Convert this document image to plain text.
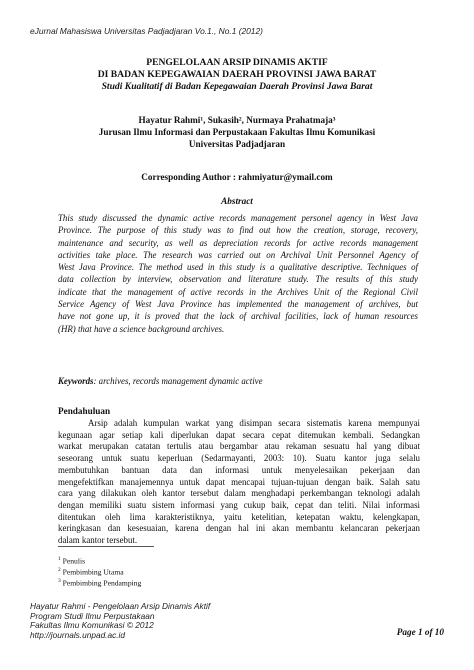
eJurnal Mahasiswa Universitas Padjadjaran Vo.1., No.1 (2012)
PENGELOLAAN ARSIP DINAMIS AKTIF
DI BADAN KEPEGAWAIAN DAERAH PROVINSI JAWA BARAT
Studi Kualitatif di Badan Kepegawaian Daerah Provinsi Jawa Barat
Hayatur Rahmi¹, Sukasih², Nurmaya Prahatmaja³
Jurusan Ilmu Informasi dan Perpustakaan Fakultas Ilmu Komunikasi
Universitas Padjadjaran
Corresponding Author : rahmiyatur@ymail.com
Abstract
This study discussed the dynamic active records management personel agency in West Java
Province. The purpose of this study was to find out how the creation, storage, recovery,
maintenance and security, as well as depreciation records for active records management
activities take place. The research was carried out on Archival Unit Personnel Agency of
West Java Province. The method used in this study is a qualitative descriptive. Techniques of
data collection by interview, observation and literature study. The results of this study
indicate that the management of active records in the Archives Unit of the Regional Civil
Service Agency of West Java Province has implemented the management of archives, but
have not gone up, it is proved that the lack of archival facilities, lack of human resources
(HR) that have a science background archives.
Keywords: archives, records management dynamic active
Pendahuluan
Arsip adalah kumpulan warkat yang disimpan secara sistematis karena mempunyai
kegunaan agar setiap kali diperlukan dapat secara cepat ditemukan kembali. Sedangkan
warkat merupakan catatan tertulis atau bergambar atau rekaman sesuatu hal yang dibuat
seseorang untuk suatu keperluan (Sedarmayanti, 2003: 10). Suatu kantor juga selalu
membutuhkan bantuan data dan informasi untuk menyelesaikan pekerjaan dan
mengefektifkan manajemennya untuk dapat mencapai tujuan-tujuan dengan baik. Salah satu
cara yang dilakukan oleh kantor tersebut dalam menghadapi perkembangan teknologi adalah
dengan memiliki suatu sistem informasi yang cukup baik, cepat dan teliti. Nilai informasi
ditentukan oleh lima karakteristiknya, yaitu ketelitian, ketepatan waktu, kelengkapan,
keringkasan dan kesesuaian, karena dengan hal ini akan membantu kelancaran pekerjaan
dalam kantor tersebut.
$^1$ Penulis
$^2$ Pembimbing Utama
$^3$ Pembimbing Pendamping
Hayatur Rahmi - Pengelolaan Arsip Dinamis Aktif
Program Studi Ilmu Perpustakaan
Fakultas Ilmu Komunikasi © 2012
http://journals.unpad.ac.id	Page 1 of 10
